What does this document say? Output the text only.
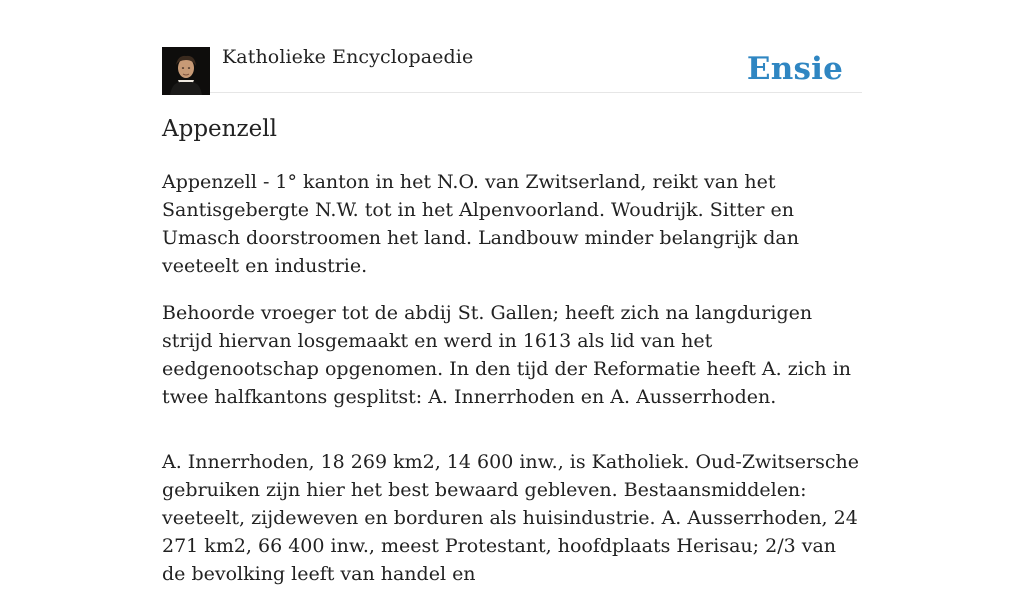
Katholieke Encyclopaedie	Ensie
Appenzell

Appenzell - 1° kanton in het N.O. van Zwitserland, reikt van het Santisgebergte N.W. tot in het Alpenvoorland. Woudrijk. Sitter en Umasch doorstroomen het land. Landbouw minder belangrijk dan veeteelt en industrie.

Behoorde vroeger tot de abdij St. Gallen; heeft zich na langdurigen strijd hiervan losgemaakt en werd in 1613 als lid van het eedgenootschap opgenomen. In den tijd der Reformatie heeft A. zich in twee halfkantons gesplitst: A. Innerrhoden en A. Ausserrhoden.

A. Innerrhoden, 18 269 km2, 14 600 inw., is Katholiek. Oud-Zwitsersche gebruiken zijn hier het best bewaard gebleven. Bestaansmiddelen: veeteelt, zijdeweven en borduren als huisindustrie. A. Ausserrhoden, 24 271 km2, 66 400 inw., meest Protestant, hoofdplaats Herisau; 2/3 van de bevolking leeft van handel en
